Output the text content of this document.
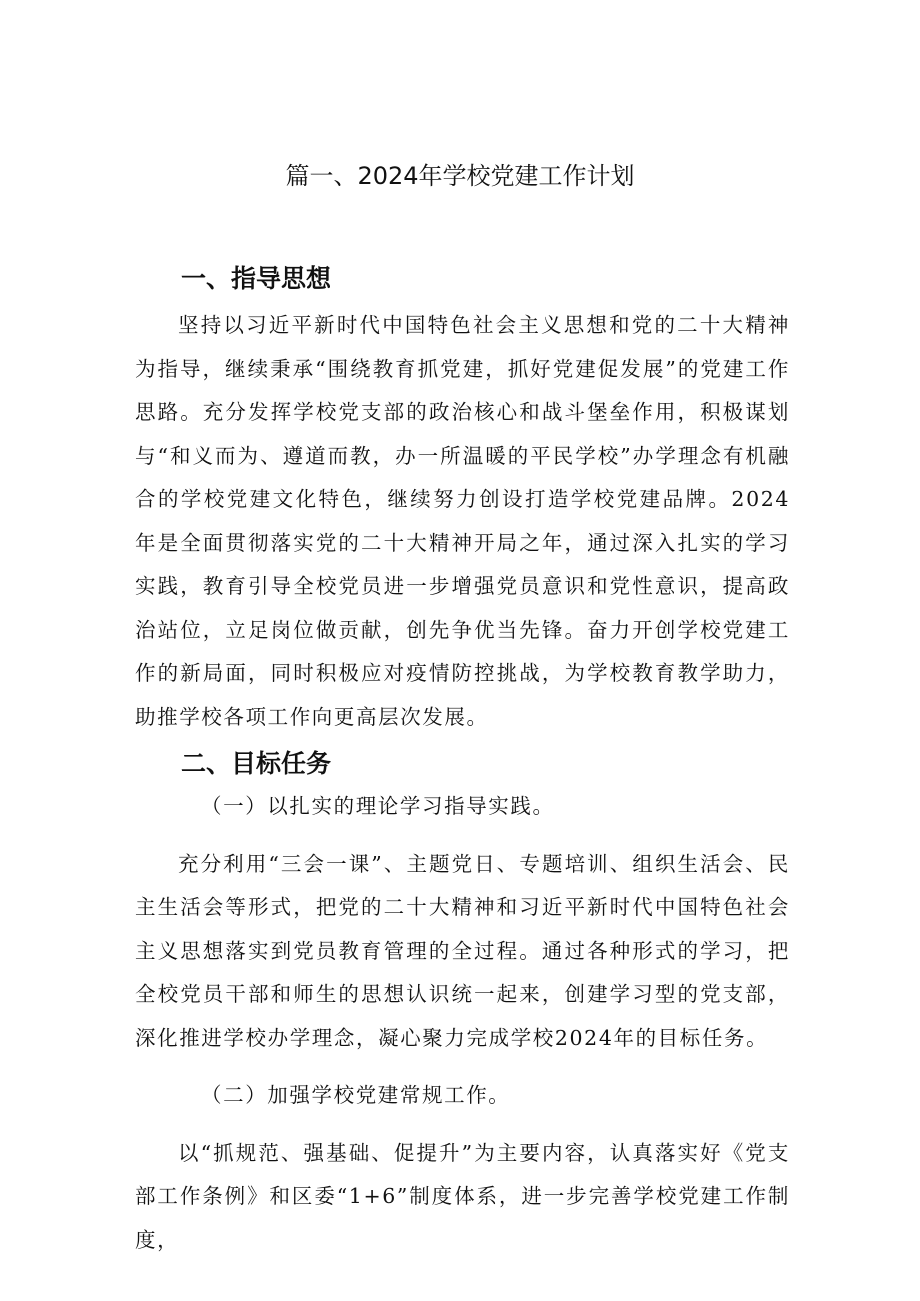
篇一、2024年学校党建工作计划
一、指导思想

坚持以习近平新时代中国特色社会主义思想和党的二十大精神为指导，继续秉承“围绕教育抓党建，抓好党建促发展”的党建工作思路。充分发挥学校党支部的政治核心和战斗堡垒作用，积极谋划与“和义而为、遵道而教，办一所温暖的平民学校”办学理念有机融合的学校党建文化特色，继续努力创设打造学校党建品牌。2024年是全面贯彻落实党的二十大精神开局之年，通过深入扎实的学习实践，教育引导全校党员进一步增强党员意识和党性意识，提高政治站位，立足岗位做贡献，创先争优当先锋。奋力开创学校党建工作的新局面，同时积极应对疫情防控挑战，为学校教育教学助力，助推学校各项工作向更高层次发展。

二、目标任务

（一）以扎实的理论学习指导实践。

充分利用“三会一课”、主题党日、专题培训、组织生活会、民主生活会等形式，把党的二十大精神和习近平新时代中国特色社会主义思想落实到党员教育管理的全过程。通过各种形式的学习，把全校党员干部和师生的思想认识统一起来，创建学习型的党支部，深化推进学校办学理念，凝心聚力完成学校2024年的目标任务。

（二）加强学校党建常规工作。

以“抓规范、强基础、促提升”为主要内容，认真落实好《党支部工作条例》和区委“1+6”制度体系，进一步完善学校党建工作制度，
